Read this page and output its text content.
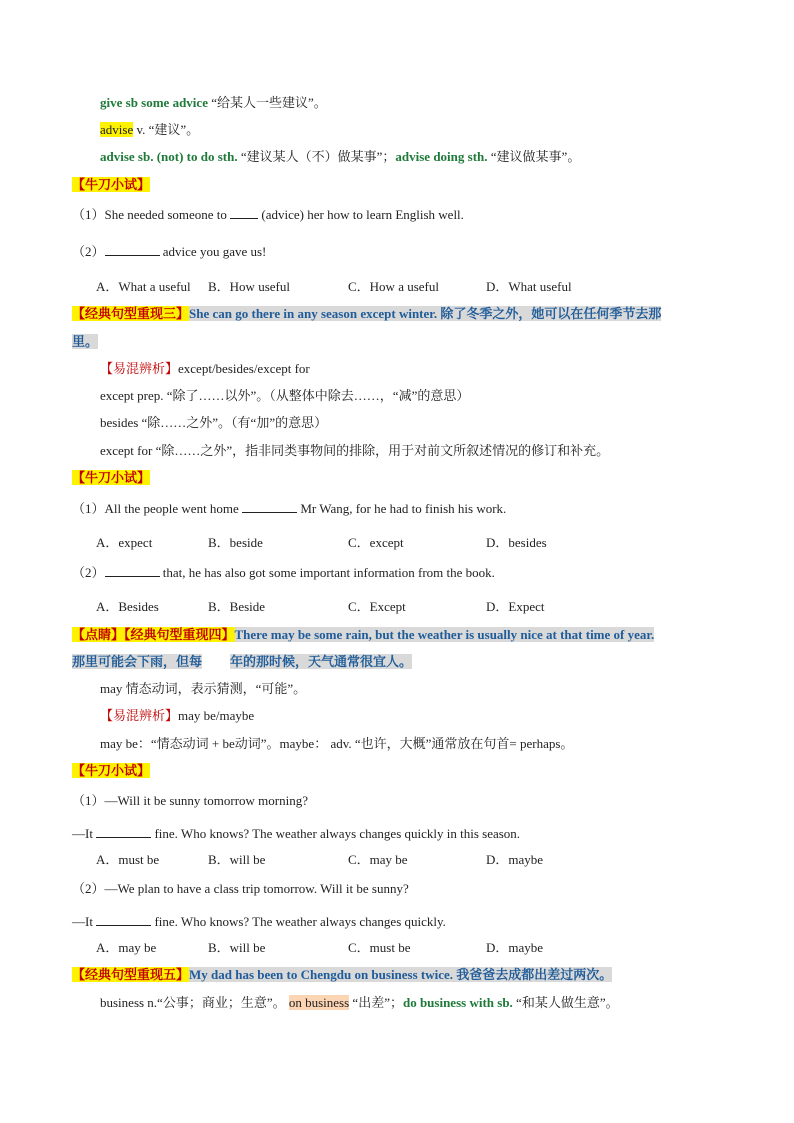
give sb some advice “给某人一些建议”。
advise v. “建议”。
advise sb. (not) to do sth. “建议某人（不）做某事”；advise doing sth. “建议做某事”。
【牛刀小试】
（1）She needed someone to  (advice) her how to learn English well.
（2）	advice you gave us!
A．What a useful B．How useful	C．How a useful	D．What useful
【经典句型重现三】She can go there in any season except winter. 除了冬季之外，她可以在任何季节去那
里。
【易混辨析】except/besides/except for
except prep. “除了……以外”。（从整体中除去……，“减”的意思）
besides “除……之外”。（有“加”的意思）
except for “除……之外”，指非同类事物间的排除，用于对前文所叙述情况的修订和补充。
【牛刀小试】
（1）All the people went home	Mr Wang, for he had to finish his work.
A．expect	B．beside	C．except	D．besides
（2）	that, he has also got some important information from the book.
A．Besides	B．Beside	C．Except	D．Expect
【点睛】【经典句型重现四】There may be some rain, but the weather is usually nice at that time of year.
那里可能会下雨，但每 年的那时候，天气通常很宜人。
may 情态动词，表示猜测，“可能”。
【易混辨析】may be/maybe
may be：“情态动词 + be动词”。maybe： adv. “也许，大概”通常放在句首= perhaps。
【牛刀小试】
（1）—Will it be sunny tomorrow morning?
—It	fine. Who knows? The weather always changes quickly in this season.
A．must be	B．will be	C．may be	D．maybe
（2）—We plan to have a class trip tomorrow. Will it be sunny?
—It	fine. Who knows? The weather always changes quickly.
A．may be	B．will be	C．must be	D．maybe
【经典句型重现五】My dad has been to Chengdu on business twice. 我爸爸去成都出差过两次。
business n.“公事；商业；生意”。 on business “出差”；do business with sb. “和某人做生意”。
